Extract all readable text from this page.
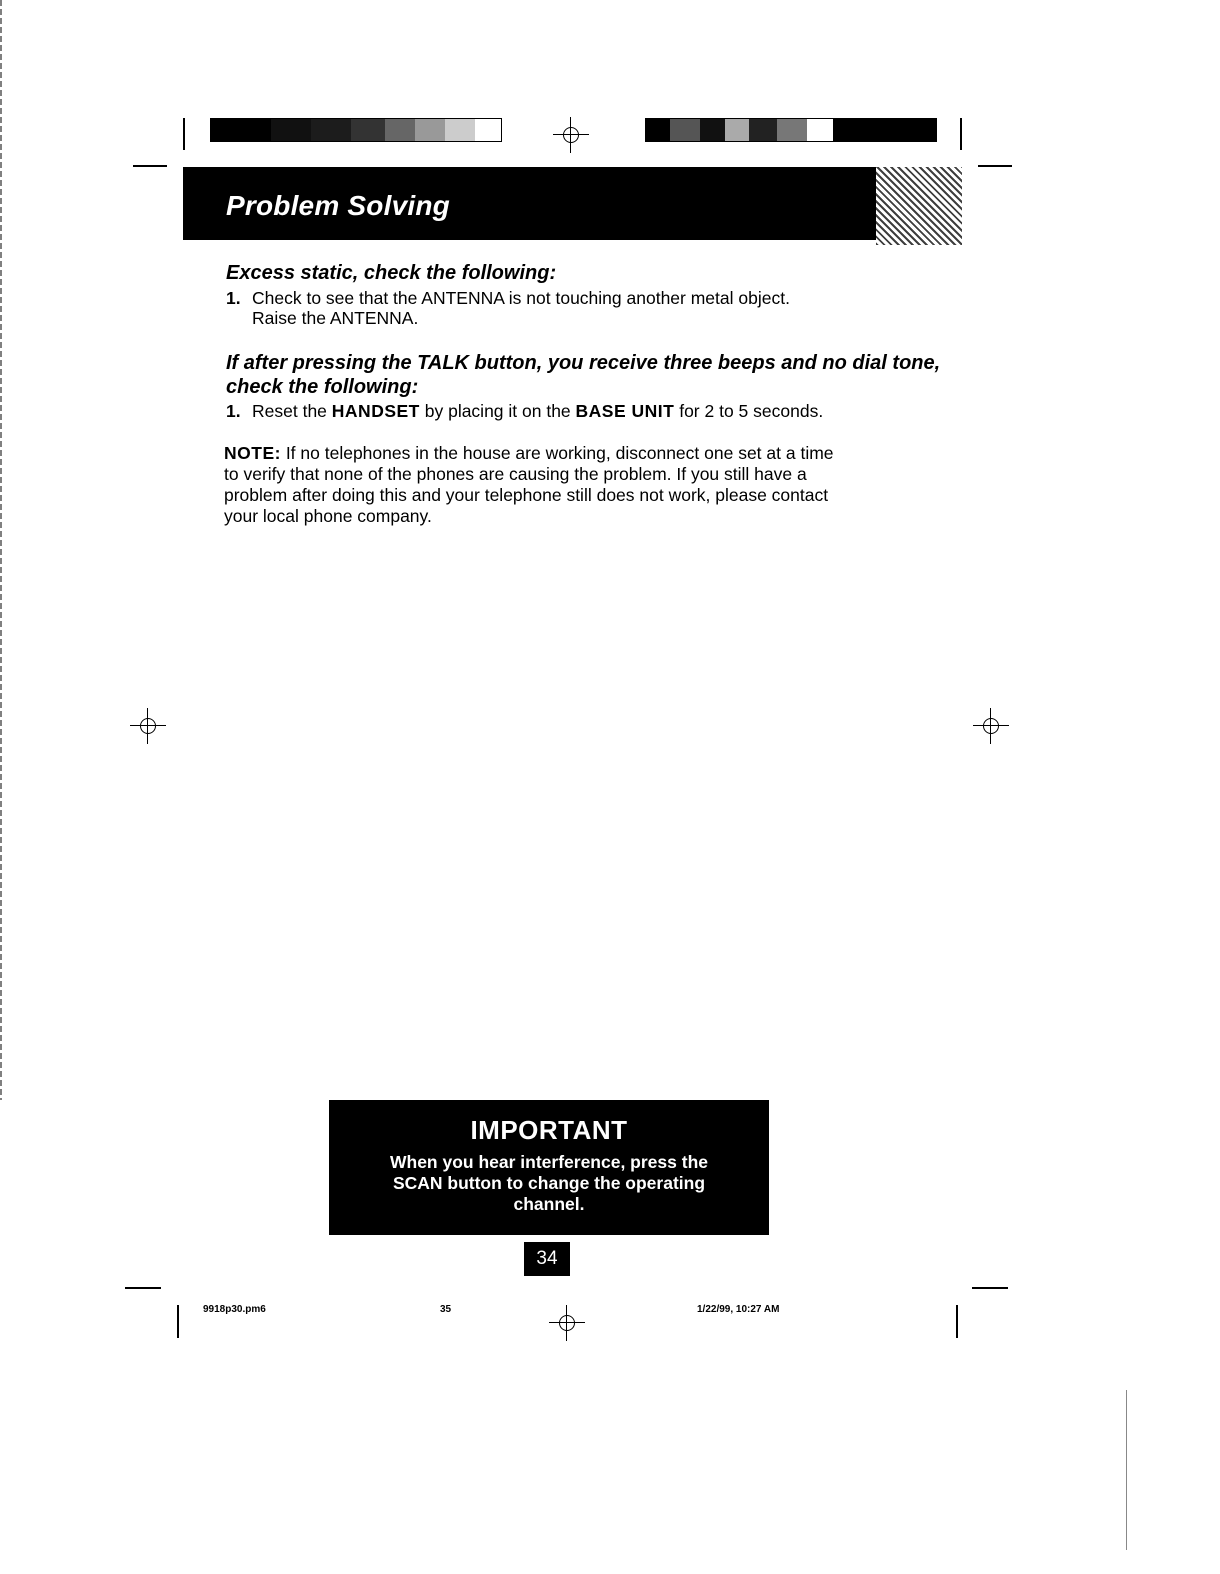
Problem Solving
Excess static, check the following:
1. Check to see that the ANTENNA is not touching another metal object.
Raise the ANTENNA.
If after pressing the TALK button, you receive three beeps and no dial tone,
check the following:
1. Reset the HANDSET by placing it on the BASE UNIT for 2 to 5 seconds.
NOTE: If no telephones in the house are working, disconnect one set at a time
to verify that none of the phones are causing the problem. If you still have a
problem after doing this and your telephone still does not work, please contact
your local phone company.
IMPORTANT
When you hear interference, press the SCAN button to change the operating channel.
34
9918p30.pm6	35	1/22/99, 10:27 AM
